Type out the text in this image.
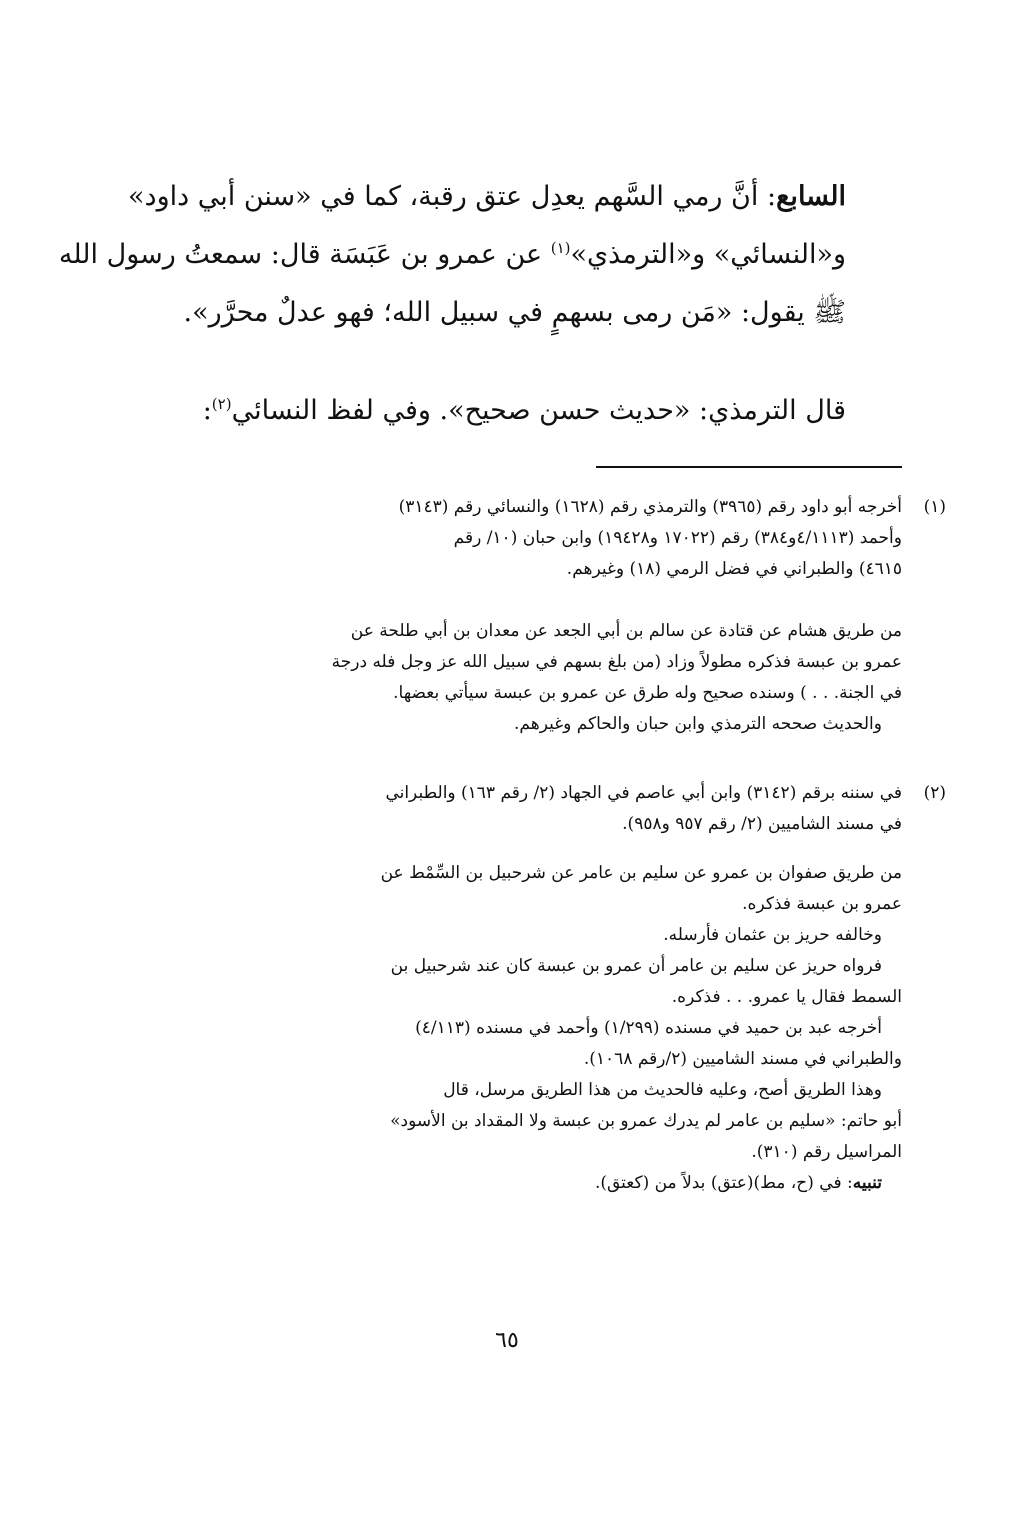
السابع: أنَّ رمي السَّهم يعدِل عتق رقبة، كما في «سنن أبي داود»
و«النسائي» و«الترمذي»$^{(١)}$ عن عمرو بن عَبَسَة قال: سمعتُ رسول الله
ﷺ يقول: «مَن رمى بسهمٍ في سبيل الله؛ فهو عدلٌ محرَّر».
قال الترمذي: «حديث حسن صحيح». وفي لفظ النسائي$^{(٢)}$:
(١)
أخرجه أبو داود رقم (٣٩٦٥) والترمذي رقم (١٦٢٨) والنسائي رقم (٣١٤٣)
وأحمد (٤/١١١٣و٣٨٤) رقم (١٧٠٢٢ و١٩٤٢٨) وابن حبان (١٠/ رقم
٤٦١٥) والطبراني في فضل الرمي (١٨) وغيرهم.
من طريق هشام عن قتادة عن سالم بن أبي الجعد عن معدان بن أبي طلحة عن
عمرو بن عبسة فذكره مطولاً وزاد (من بلغ بسهم في سبيل الله عز وجل فله درجة
في الجنة. . . ) وسنده صحيح وله طرق عن عمرو بن عبسة سيأتي بعضها.
والحديث صححه الترمذي وابن حبان والحاكم وغيرهم.
(٢)
في سننه برقم (٣١٤٢) وابن أبي عاصم في الجهاد (٢/ رقم ١٦٣) والطبراني
في مسند الشاميين (٢/ رقم ٩٥٧ و٩٥٨).
من طريق صفوان بن عمرو عن سليم بن عامر عن شرحبيل بن السِّمْط عن
عمرو بن عبسة فذكره.
وخالفه حريز بن عثمان فأرسله.
فرواه حريز عن سليم بن عامر أن عمرو بن عبسة كان عند شرحبيل بن
السمط فقال يا عمرو. . . فذكره.
أخرجه عبد بن حميد في مسنده (١/٢٩٩) وأحمد في مسنده (٤/١١٣)
والطبراني في مسند الشاميين (٢/رقم ١٠٦٨).
وهذا الطريق أصح، وعليه فالحديث من هذا الطريق مرسل، قال
أبو حاتم: «سليم بن عامر لم يدرك عمرو بن عبسة ولا المقداد بن الأسود»
المراسيل رقم (٣١٠).
تنبيه: في (ح، مط)(عتق) بدلاً من (كعتق).
٦٥
